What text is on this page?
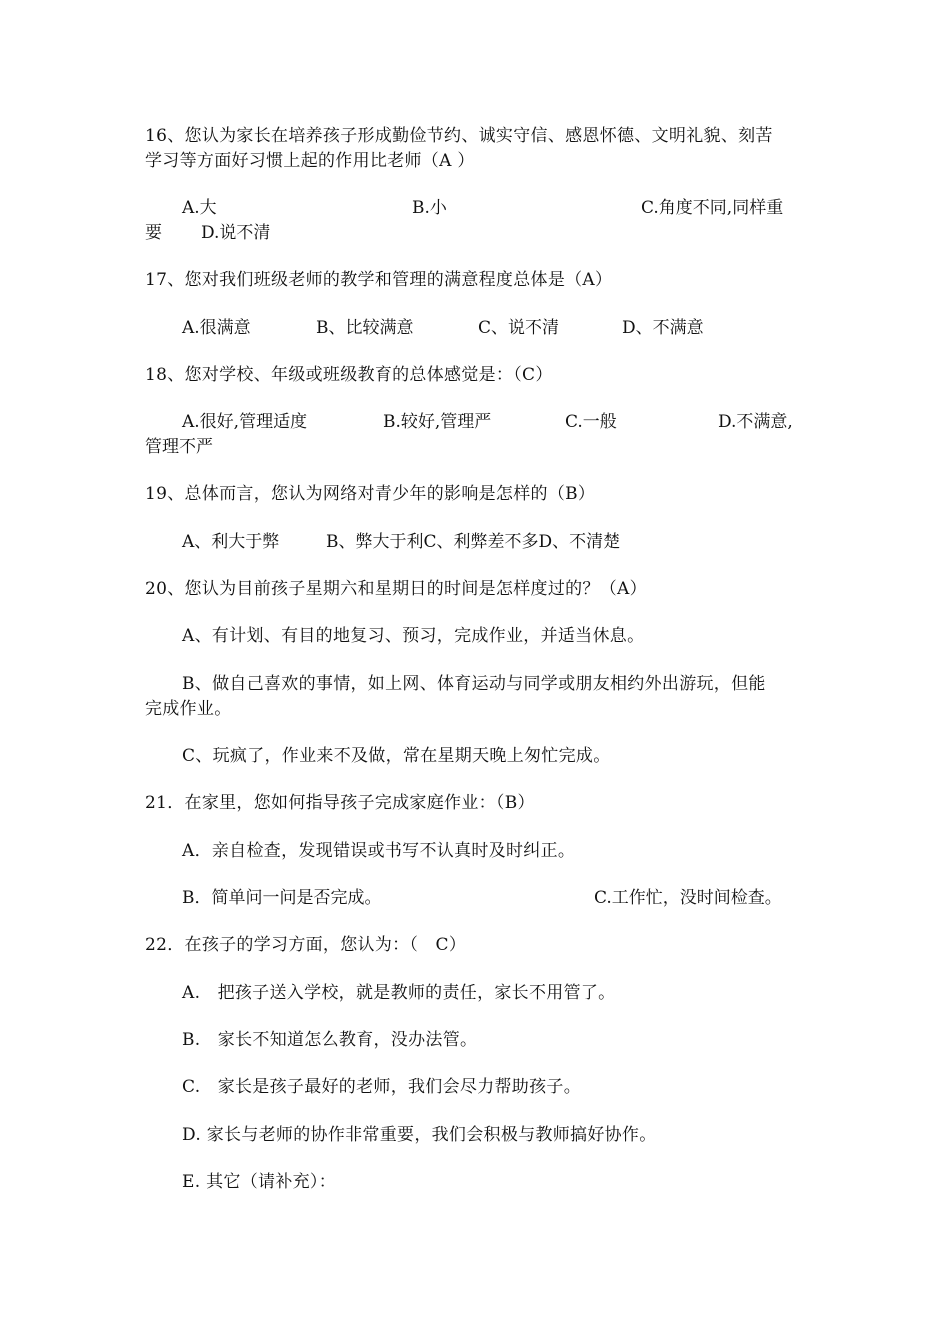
16、您认为家长在培养孩子形成勤俭节约、诚实守信、感恩怀德、文明礼貌、刻苦
学习等方面好习惯上起的作用比老师（A ）
A.大	B.小	C.角度不同,同样重
要 D.说不清
17、您对我们班级老师的教学和管理的满意程度总体是（A）
A.很满意	B、比较满意	C、说不清	D、不满意
18、您对学校、年级或班级教育的总体感觉是：（C）
A.很好,管理适度	B.较好,管理严	C.一般	D.不满意,
管理不严
19、总体而言，您认为网络对青少年的影响是怎样的（B）
A、利大于弊	B、弊大于利C、利弊差不多D、不清楚
20、您认为目前孩子星期六和星期日的时间是怎样度过的？（A）
A、有计划、有目的地复习、预习，完成作业，并适当休息。
B、做自己喜欢的事情，如上网、体育运动与同学或朋友相约外出游玩，但能
完成作业。
C、玩疯了，作业来不及做，常在星期天晚上匆忙完成。
21．在家里，您如何指导孩子完成家庭作业：（B）
A．亲自检查，发现错误或书写不认真时及时纠正。
B．简单问一问是否完成。	C.工作忙，没时间检查。
22．在孩子的学习方面，您认为：（　C）
A.　把孩子送入学校，就是教师的责任，家长不用管了。
B.　家长不知道怎么教育，没办法管。
C.　家长是孩子最好的老师，我们会尽力帮助孩子。
D. 家长与老师的协作非常重要，我们会积极与教师搞好协作。
E. 其它（请补充）：
